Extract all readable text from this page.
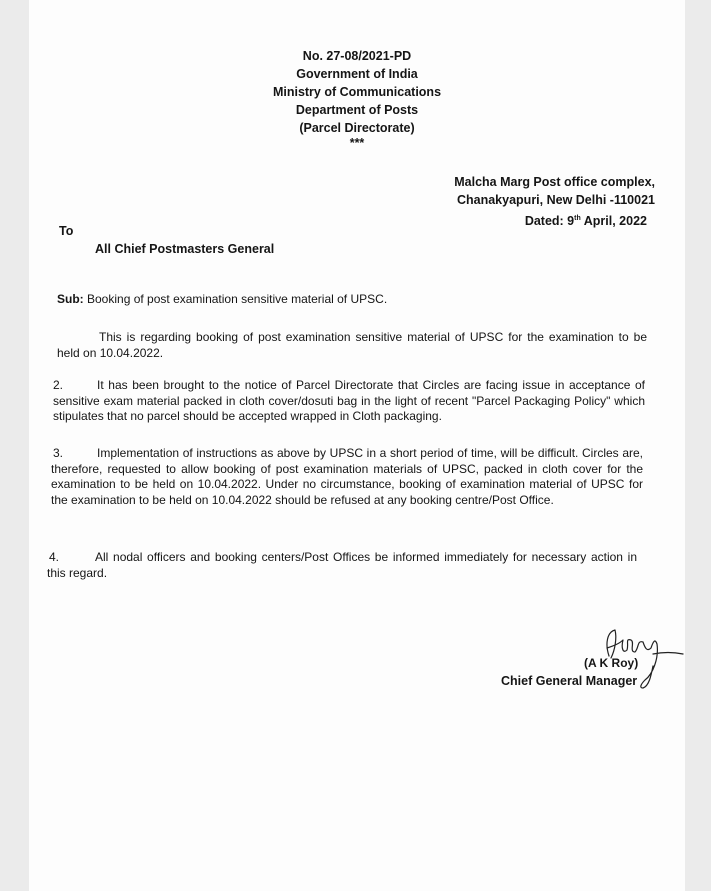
No. 27-08/2021-PD

Government of India

Ministry of Communications

Department of Posts

(Parcel Directorate)

***

Malcha Marg Post office complex,

Chanakyapuri, New Delhi -110021

Dated: 9th April, 2022

To

All Chief Postmasters General

Sub: Booking of post examination sensitive material of UPSC.

This is regarding booking of post examination sensitive material of UPSC for the examination to be held on 10.04.2022.

2.	It has been brought to the notice of Parcel Directorate that Circles are facing issue in acceptance of sensitive exam material packed in cloth cover/dosuti bag in the light of recent "Parcel Packaging Policy" which stipulates that no parcel should be accepted wrapped in Cloth packaging.

3.	Implementation of instructions as above by UPSC in a short period of time, will be difficult. Circles are, therefore, requested to allow booking of post examination materials of UPSC, packed in cloth cover for the examination to be held on 10.04.2022. Under no circumstance, booking of examination material of UPSC for the examination to be held on 10.04.2022 should be refused at any booking centre/Post Office.

4.	All nodal officers and booking centers/Post Offices be informed immediately for necessary action in this regard.

(A K Roy)

Chief General Manager
